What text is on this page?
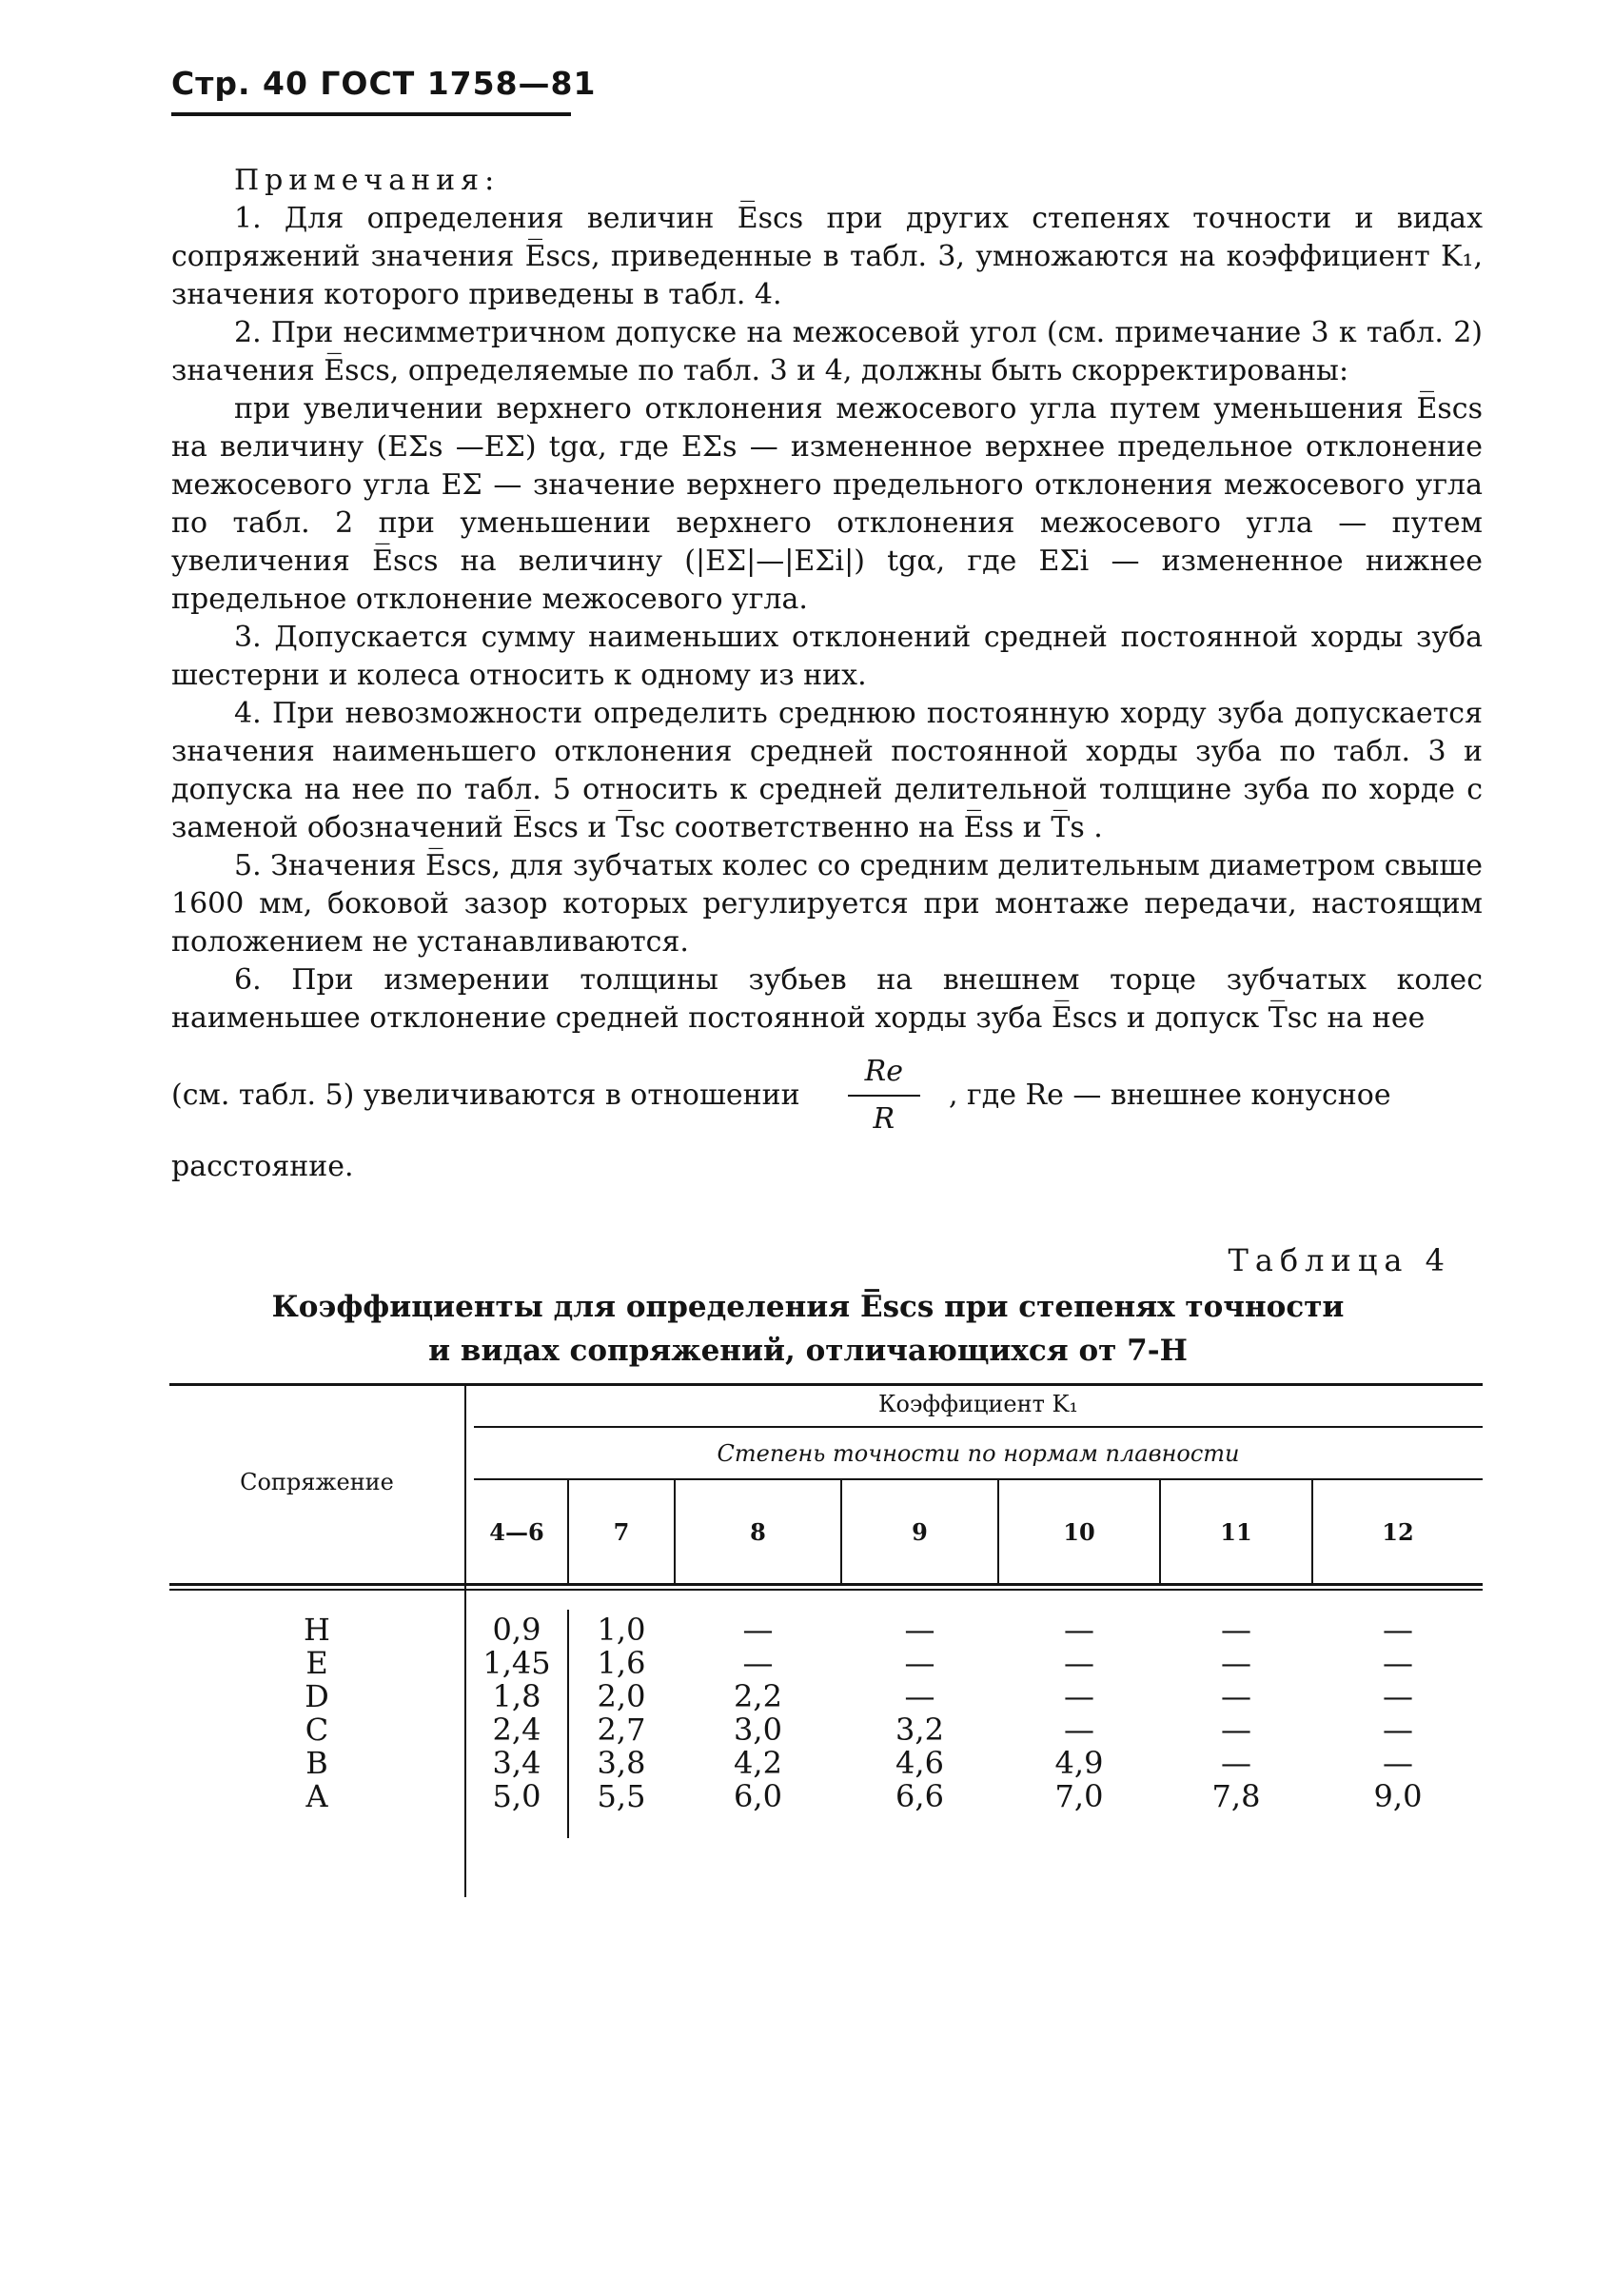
Стр. 40 ГОСТ 1758—81

Примечания:

1. Для определения величин E̅scs при других степенях точности и видах сопряжений значения E̅scs, приведенные в табл. 3, умножаются на коэффициент K₁, значения которого приведены в табл. 4.

2. При несимметричном допуске на межосевой угол (см. примечание 3 к табл. 2) значения E̅scs, определяемые по табл. 3 и 4, должны быть скорректированы:

при увеличении верхнего отклонения межосевого угла путем уменьшения E̅scs на величину (EΣs —EΣ) tgα, где EΣs — измененное верхнее предельное отклонение межосевого угла EΣ — значение верхнего предельного отклонения межосевого угла по табл. 2 при уменьшении верхнего отклонения межосевого угла — путем увеличения E̅scs на величину (|EΣ|—|EΣi|) tgα, где EΣi — измененное нижнее предельное отклонение межосевого угла.

3. Допускается сумму наименьших отклонений средней постоянной хорды зуба шестерни и колеса относить к одному из них.

4. При невозможности определить среднюю постоянную хорду зуба допускается значения наименьшего отклонения средней постоянной хорды зуба по табл. 3 и допуска на нее по табл. 5 относить к средней делительной толщине зуба по хорде с заменой обозначений E̅scs и T̅sc соответственно на E̅ss и T̅s .

5. Значения E̅scs, для зубчатых колес со средним делительным диаметром свыше 1600 мм, боковой зазор которых регулируется при монтаже передачи, настоящим положением не устанавливаются.

6. При измерении толщины зубьев на внешнем торце зубчатых колес наименьшее отклонение средней постоянной хорды зуба E̅scs и допуск T̅sc на нее

(см. табл. 5) увеличиваются в отношении $\frac{Re}{R}$ , где Re — внешнее конусное

расстояние.

Таблица 4
Коэффициенты для определения E̅scs при степенях точности
и видах сопряжений, отличающихся от 7-Н
Сопряжение
Коэффициент K₁
Степень точности по нормам плавности
4—6	7	8	9	10	11	12
Н	0,9	1,0	—	—	—	—	—
Е	1,45	1,6	—	—	—	—	—
D	1,8	2,0	2,2	—	—	—	—
С	2,4	2,7	3,0	3,2	—	—	—
В	3,4	3,8	4,2	4,6	4,9	—	—
А	5,0	5,5	6,0	6,6	7,0	7,8	9,0
